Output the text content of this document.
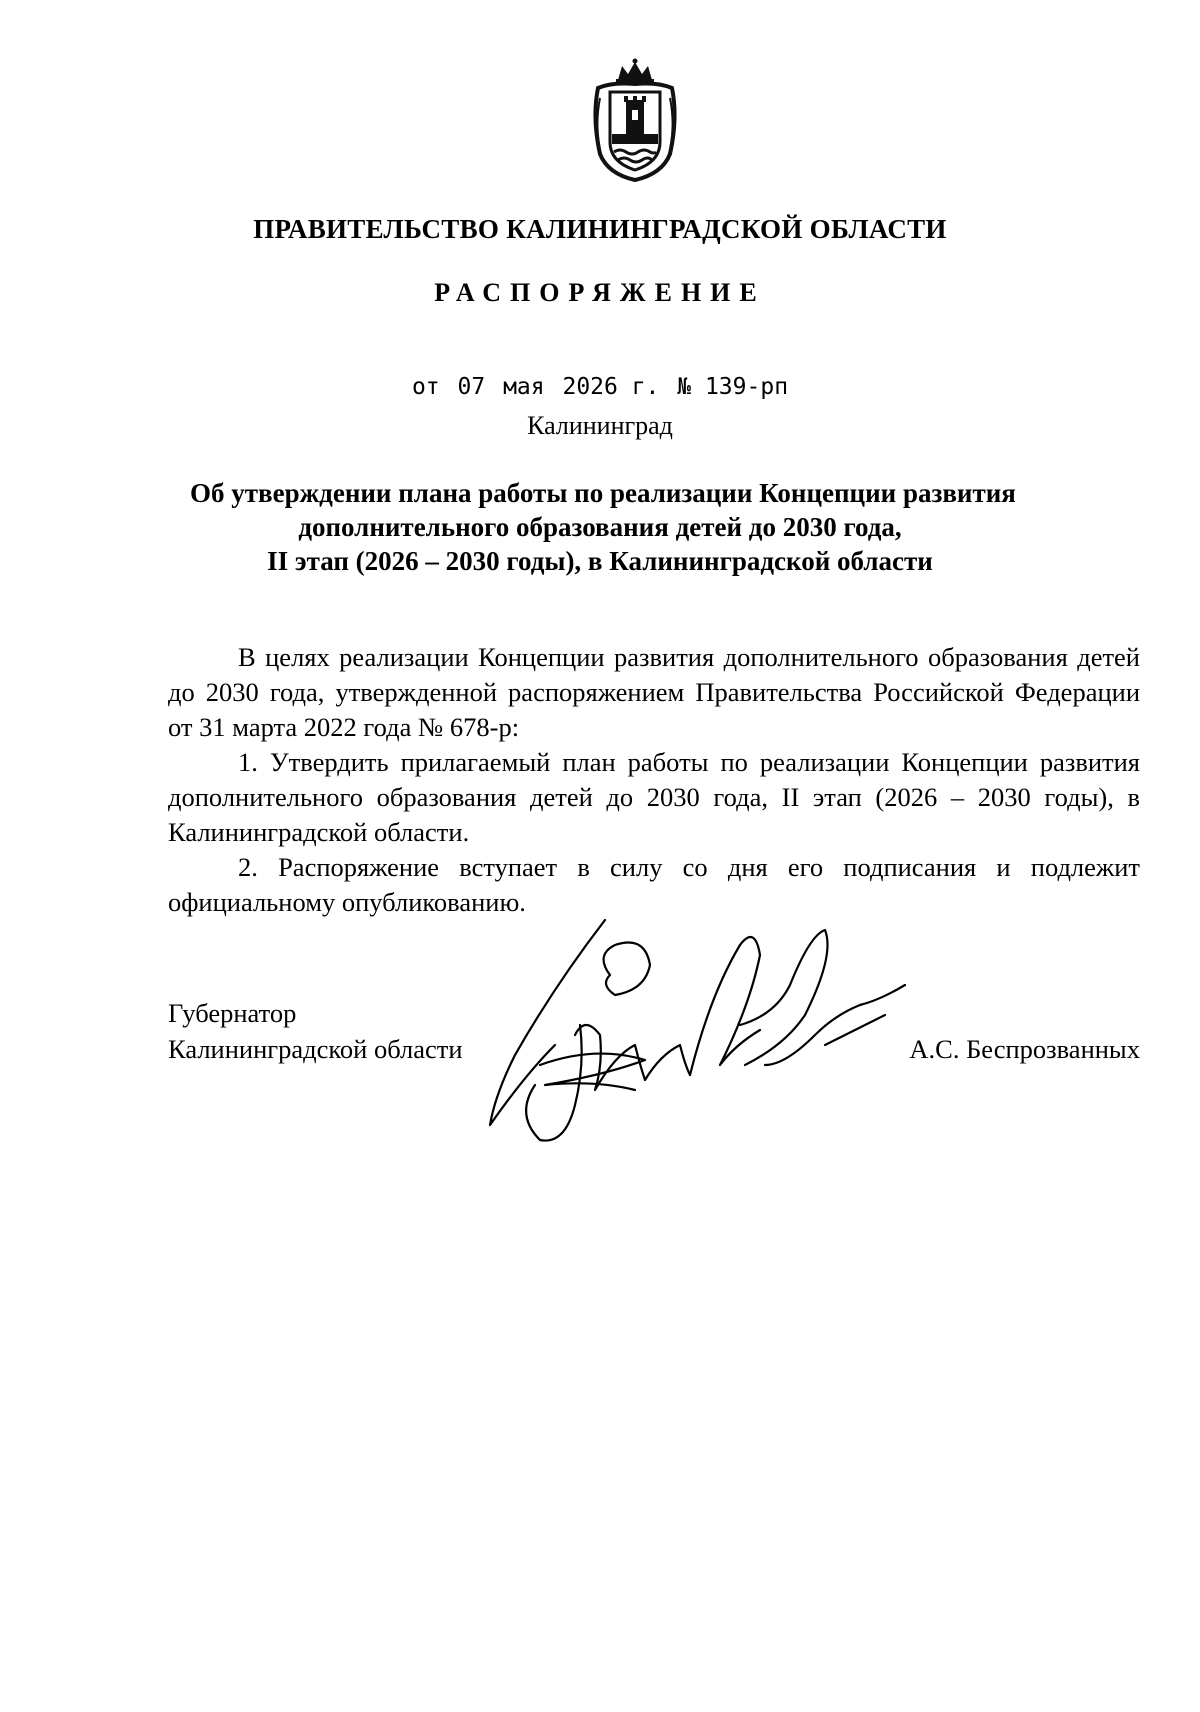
ПРАВИТЕЛЬСТВО КАЛИНИНГРАДСКОЙ ОБЛАСТИ
РАСПОРЯЖЕНИЕ
от 07 мая 2026 г. № 139-рп
Калининград
Об утверждении плана работы по реализации Концепции развития
дополнительного образования детей до 2030 года,
II этап (2026 – 2030 годы), в Калининградской области

В целях реализации Концепции развития дополнительного образования детей до 2030 года, утвержденной распоряжением Правительства Российской Федерации от 31 марта 2022 года № 678-р:

1. Утвердить прилагаемый план работы по реализации Концепции развития дополнительного образования детей до 2030 года, II этап (2026 – 2030 годы), в Калининградской области.

2. Распоряжение вступает в силу со дня его подписания и подлежит официальному опубликованию.

Губернатор
Калининградской области	А.С. Беспрозванных
